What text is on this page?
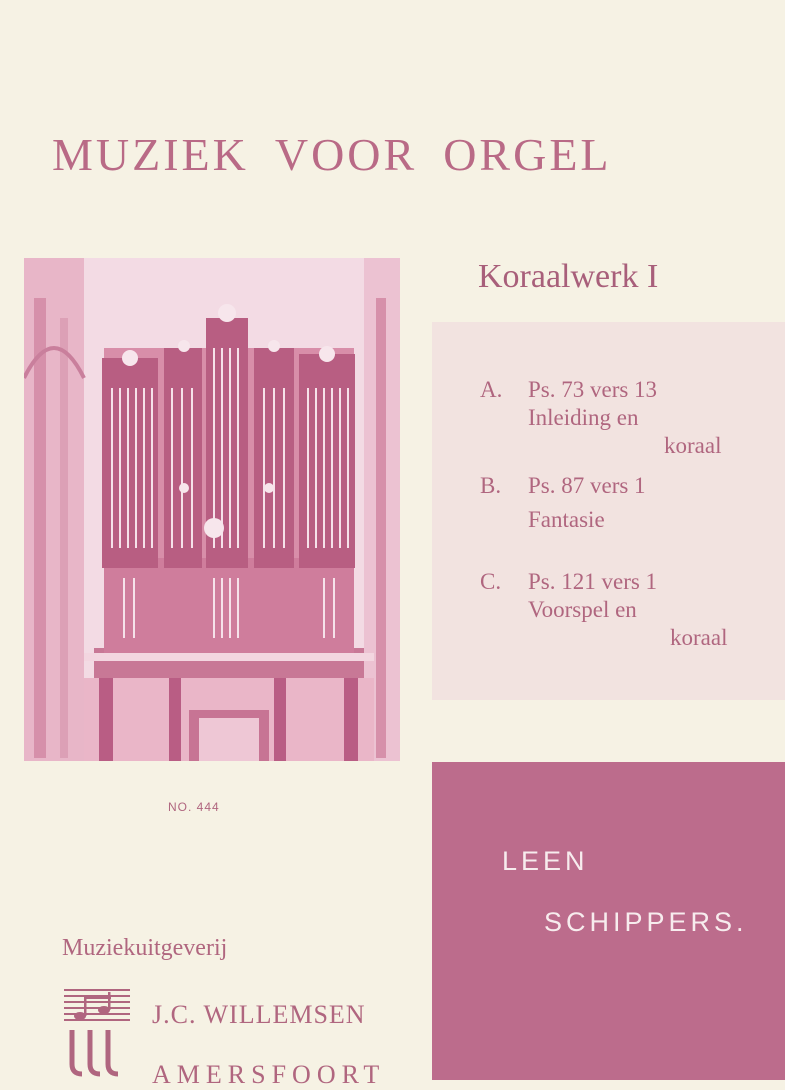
MUZIEK VOOR ORGEL
Koraalwerk I
A. Ps. 73 vers 13
Inleiding en
koraal
B. Ps. 87 vers 1
Fantasie
C. Ps. 121 vers 1
Voorspel en
koraal
NO. 444
LEEN
SCHIPPERS.
Muziekuitgeverij
J.C. WILLEMSEN
AMERSFOORT
